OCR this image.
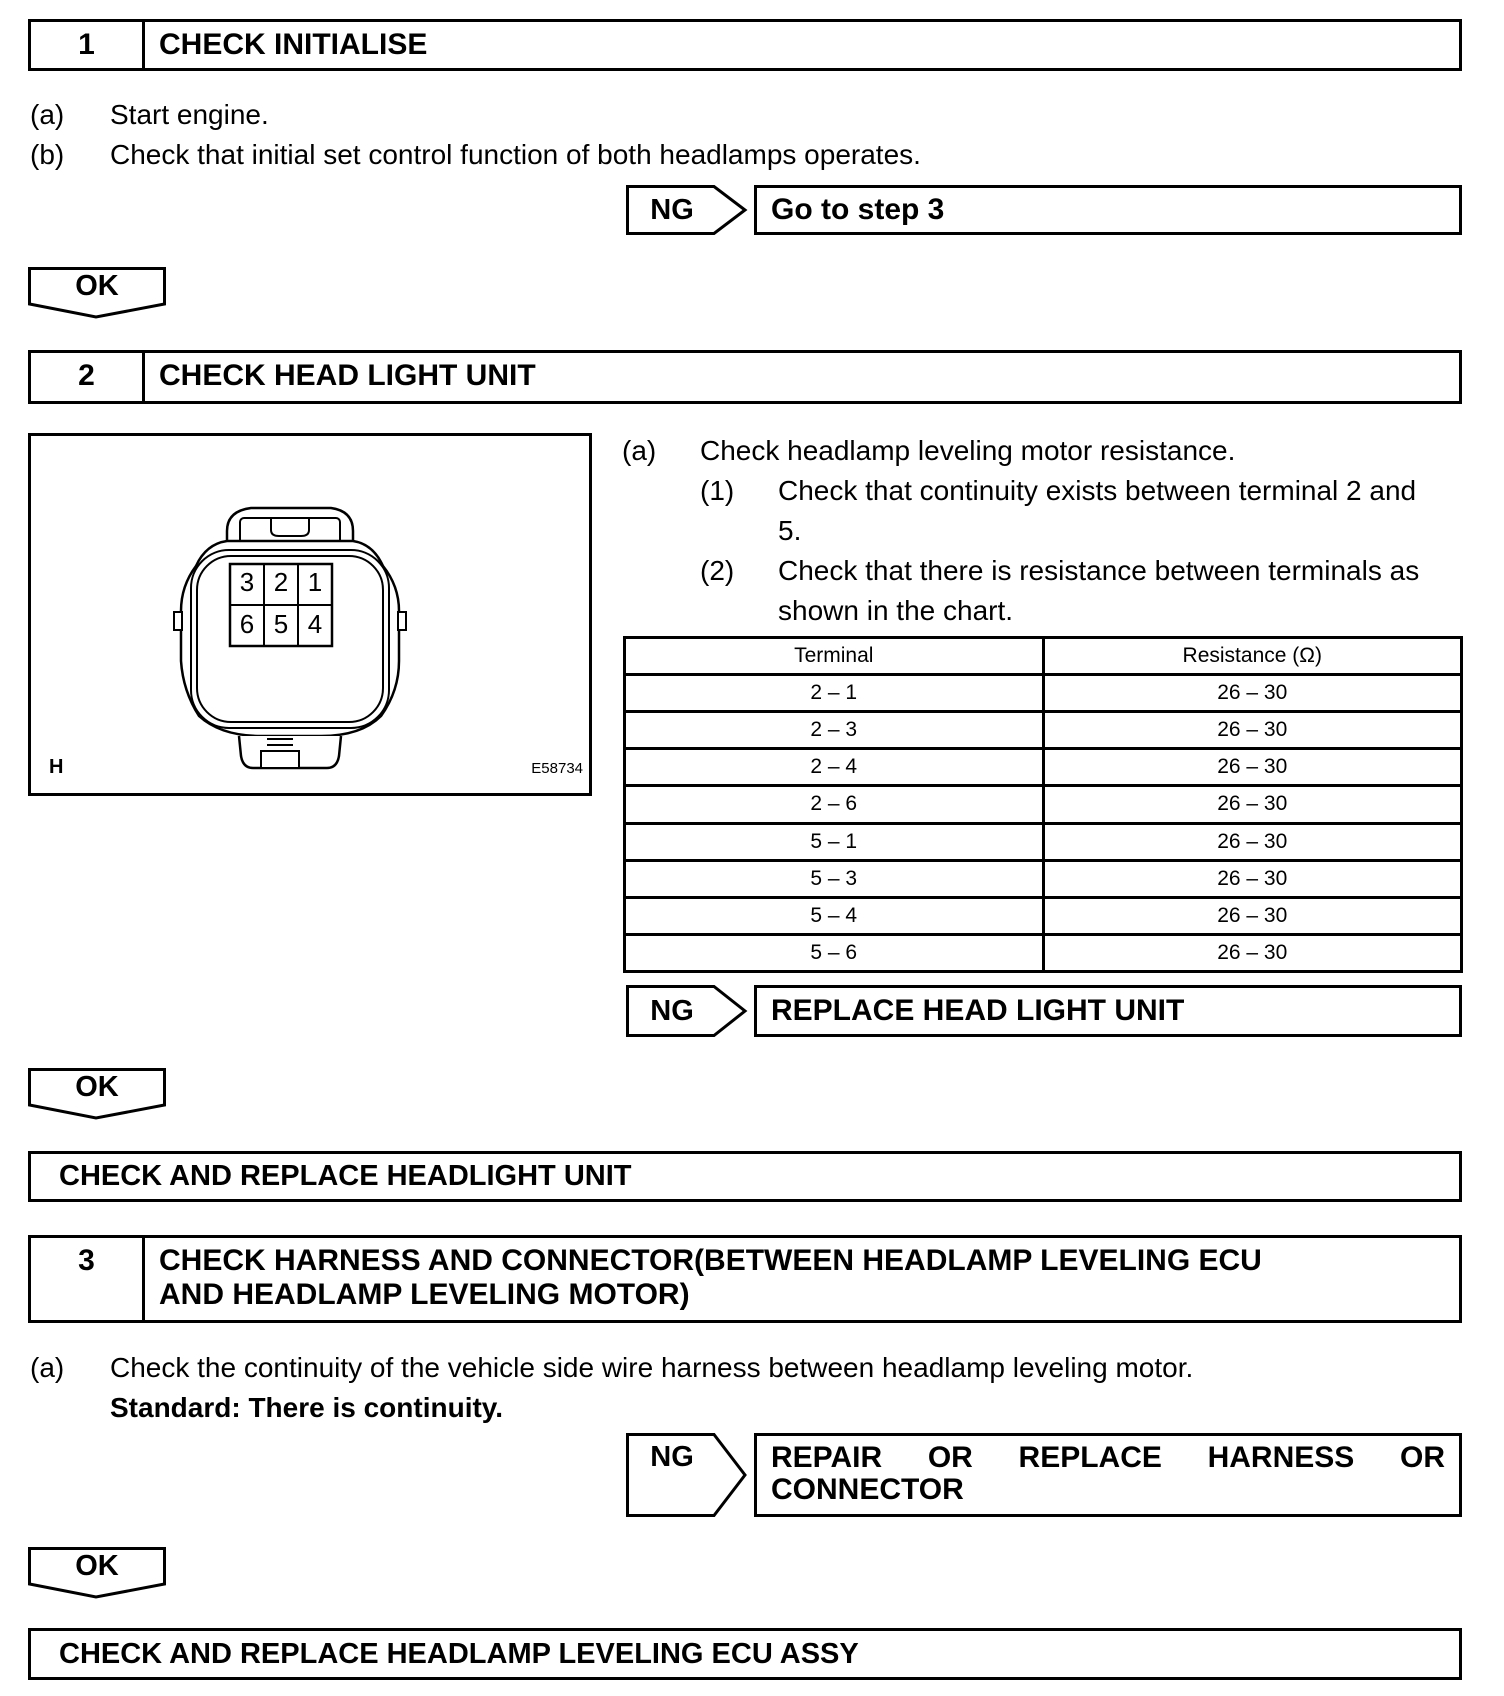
1	CHECK INITIALISE
(a) Start engine.
(b) Check that initial set control function of both headlamps operates.
NG	Go to step 3
OK
2	CHECK HEAD LIGHT UNIT
3 2 1
6 5 4
H	E58734
(a) Check headlamp leveling motor resistance.
(1) Check that continuity exists between terminal 2 and
5.
(2) Check that there is resistance between terminals as
shown in the chart.
Terminal	Resistance (Ω)
2 – 1	26 – 30
2 – 3	26 – 30
2 – 4	26 – 30
2 – 6	26 – 30
5 – 1	26 – 30
5 – 3	26 – 30
5 – 4	26 – 30
5 – 6	26 – 30
NG	REPLACE HEAD LIGHT UNIT
OK
CHECK AND REPLACE HEADLIGHT UNIT
3	CHECK HARNESS AND CONNECTOR(BETWEEN HEADLAMP LEVELING ECU
AND HEADLAMP LEVELING MOTOR)
(a) Check the continuity of the vehicle side wire harness between headlamp leveling motor.
Standard: There is continuity.
NG	REPAIR OR REPLACE HARNESS OR
CONNECTOR
OK
CHECK AND REPLACE HEADLAMP LEVELING ECU ASSY
